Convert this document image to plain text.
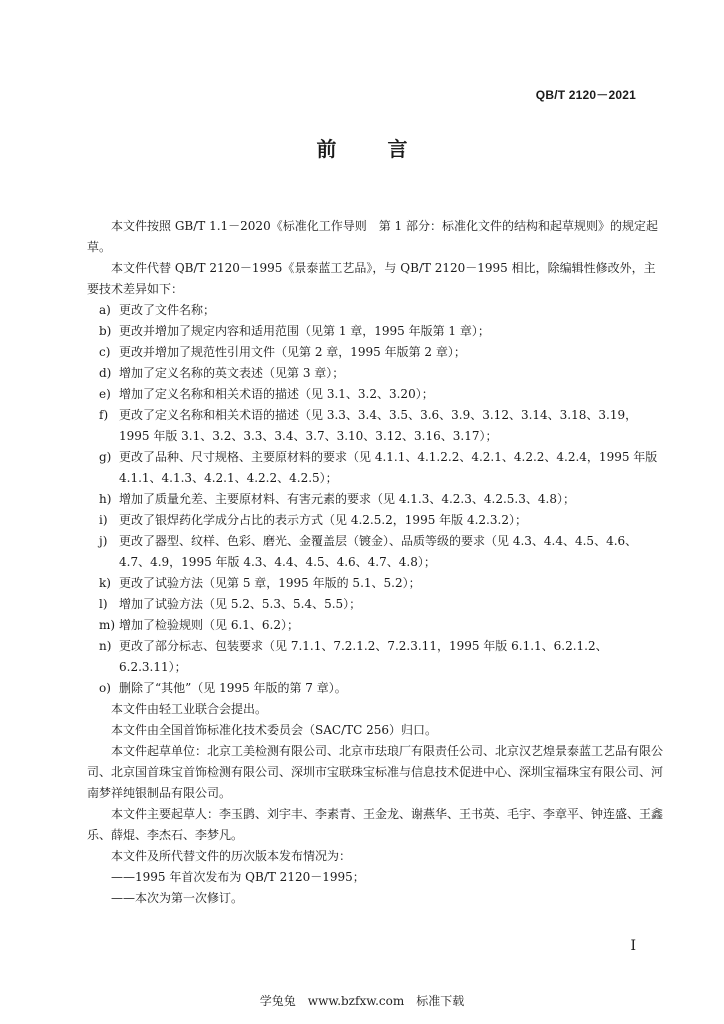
QB/T 2120－2021
前 言

本文件按照 GB/T 1.1－2020《标准化工作导则　第 1 部分：标准化文件的结构和起草规则》的规定起草。

本文件代替 QB/T 2120－1995《景泰蓝工艺品》，与 QB/T 2120－1995 相比，除编辑性修改外，主要技术差异如下：

a) 更改了文件名称；
b) 更改并增加了规定内容和适用范围（见第 1 章，1995 年版第 1 章）；
c) 更改并增加了规范性引用文件（见第 2 章，1995 年版第 2 章）；
d) 增加了定义名称的英文表述（见第 3 章）；
e) 增加了定义名称和相关术语的描述（见 3.1、3.2、3.20）；
f) 更改了定义名称和相关术语的描述（见 3.3、3.4、3.5、3.6、3.9、3.12、3.14、3.18、3.19，1995 年版 3.1、3.2、3.3、3.4、3.7、3.10、3.12、3.16、3.17）；
g) 更改了品种、尺寸规格、主要原材料的要求（见 4.1.1、4.1.2.2、4.2.1、4.2.2、4.2.4，1995 年版 4.1.1、4.1.3、4.2.1、4.2.2、4.2.5）；
h) 增加了质量允差、主要原材料、有害元素的要求（见 4.1.3、4.2.3、4.2.5.3、4.8）；
i) 更改了银焊药化学成分占比的表示方式（见 4.2.5.2，1995 年版 4.2.3.2）；
j) 更改了器型、纹样、色彩、磨光、金覆盖层（镀金）、品质等级的要求（见 4.3、4.4、4.5、4.6、4.7、4.9，1995 年版 4.3、4.4、4.5、4.6、4.7、4.8）；
k) 更改了试验方法（见第 5 章，1995 年版的 5.1、5.2）；
l) 增加了试验方法（见 5.2、5.3、5.4、5.5）；
m) 增加了检验规则（见 6.1、6.2）；
n) 更改了部分标志、包装要求（见 7.1.1、7.2.1.2、7.2.3.11，1995 年版 6.1.1、6.2.1.2、6.2.3.11）；
o) 删除了“其他”（见 1995 年版的第 7 章）。

本文件由轻工业联合会提出。

本文件由全国首饰标准化技术委员会（SAC/TC 256）归口。

本文件起草单位：北京工美检测有限公司、北京市珐琅厂有限责任公司、北京汉艺煌景泰蓝工艺品有限公司、北京国首珠宝首饰检测有限公司、深圳市宝联珠宝标准与信息技术促进中心、深圳宝福珠宝有限公司、河南梦祥纯银制品有限公司。

本文件主要起草人：李玉鹍、刘宇丰、李素青、王金龙、谢燕华、王书英、毛宇、李章平、钟连盛、王鑫乐、薛焜、李杰石、李梦凡。

本文件及所代替文件的历次版本发布情况为：

——1995 年首次发布为 QB/T 2120－1995；

——本次为第一次修订。

I
学兔兔　www.bzfxw.com　标准下载
